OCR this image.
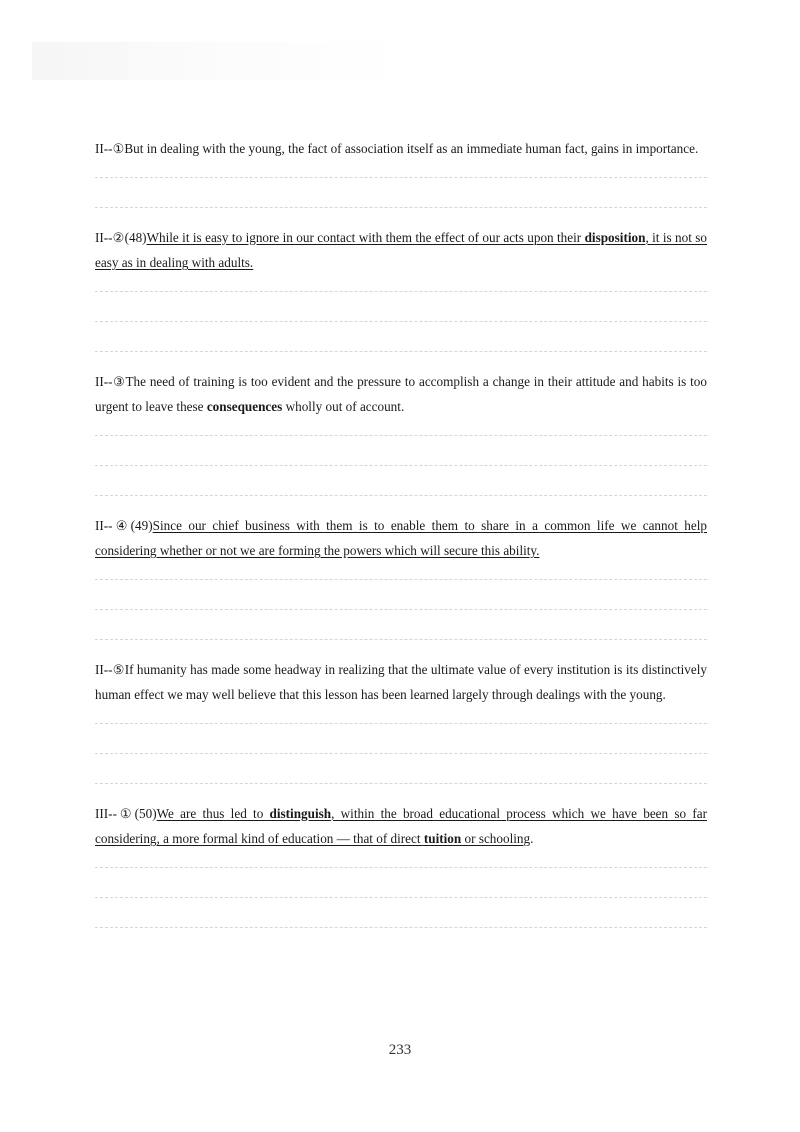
II--①But in dealing with the young, the fact of association itself as an immediate human fact, gains in importance.

II--②(48)While it is easy to ignore in our contact with them the effect of our acts upon their disposition, it is not so easy as in dealing with adults.

II--③The need of training is too evident and the pressure to accomplish a change in their attitude and habits is too urgent to leave these consequences wholly out of account.

II--④(49)Since our chief business with them is to enable them to share in a common life we cannot help considering whether or not we are forming the powers which will secure this ability.

II--⑤If humanity has made some headway in realizing that the ultimate value of every institution is its distinctively human effect we may well believe that this lesson has been learned largely through dealings with the young.

III--①(50)We are thus led to distinguish, within the broad educational process which we have been so far considering, a more formal kind of education — that of direct tuition or schooling.

233
